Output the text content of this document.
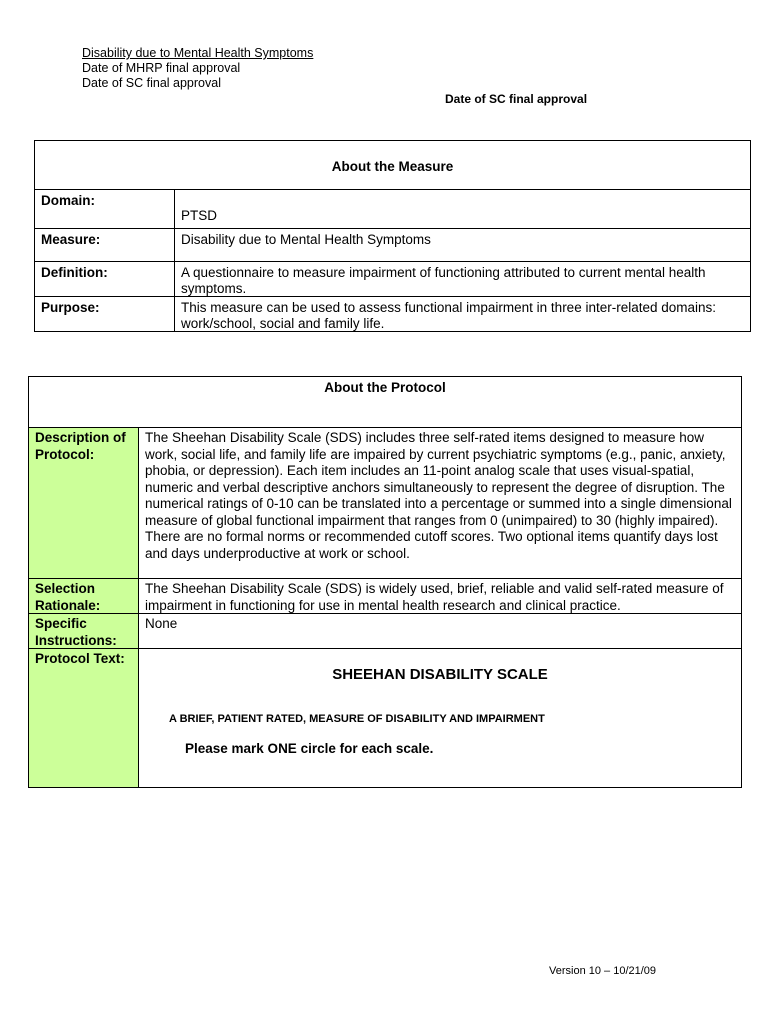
Disability due to Mental Health Symptoms
Date of MHRP final approval
Date of SC final approval
Date of SC final approval
About the Measure
Domain:
PTSD
Measure:	Disability due to Mental Health Symptoms
Definition:	A questionnaire to measure impairment of functioning attributed to current mental health symptoms.
Purpose:	This measure can be used to assess functional impairment in three inter-related domains: work/school, social and family life.
About the Protocol
Description of Protocol:
The Sheehan Disability Scale (SDS) includes three self-rated items designed to measure how work, social life, and family life are impaired by current psychiatric symptoms (e.g., panic, anxiety, phobia, or depression). Each item includes an 11-point analog scale that uses visual-spatial, numeric and verbal descriptive anchors simultaneously to represent the degree of disruption. The numerical ratings of 0-10 can be translated into a percentage or summed into a single dimensional measure of global functional impairment that ranges from 0 (unimpaired) to 30 (highly impaired). There are no formal norms or recommended cutoff scores. Two optional items quantify days lost and days underproductive at work or school.
Selection Rationale:
The Sheehan Disability Scale (SDS) is widely used, brief, reliable and valid self-rated measure of impairment in functioning for use in mental health research and clinical practice.
Specific Instructions:
None
Protocol Text:
SHEEHAN DISABILITY SCALE
A BRIEF, PATIENT RATED, MEASURE OF DISABILITY AND IMPAIRMENT
Please mark ONE circle for each scale.
Version 10 – 10/21/09
